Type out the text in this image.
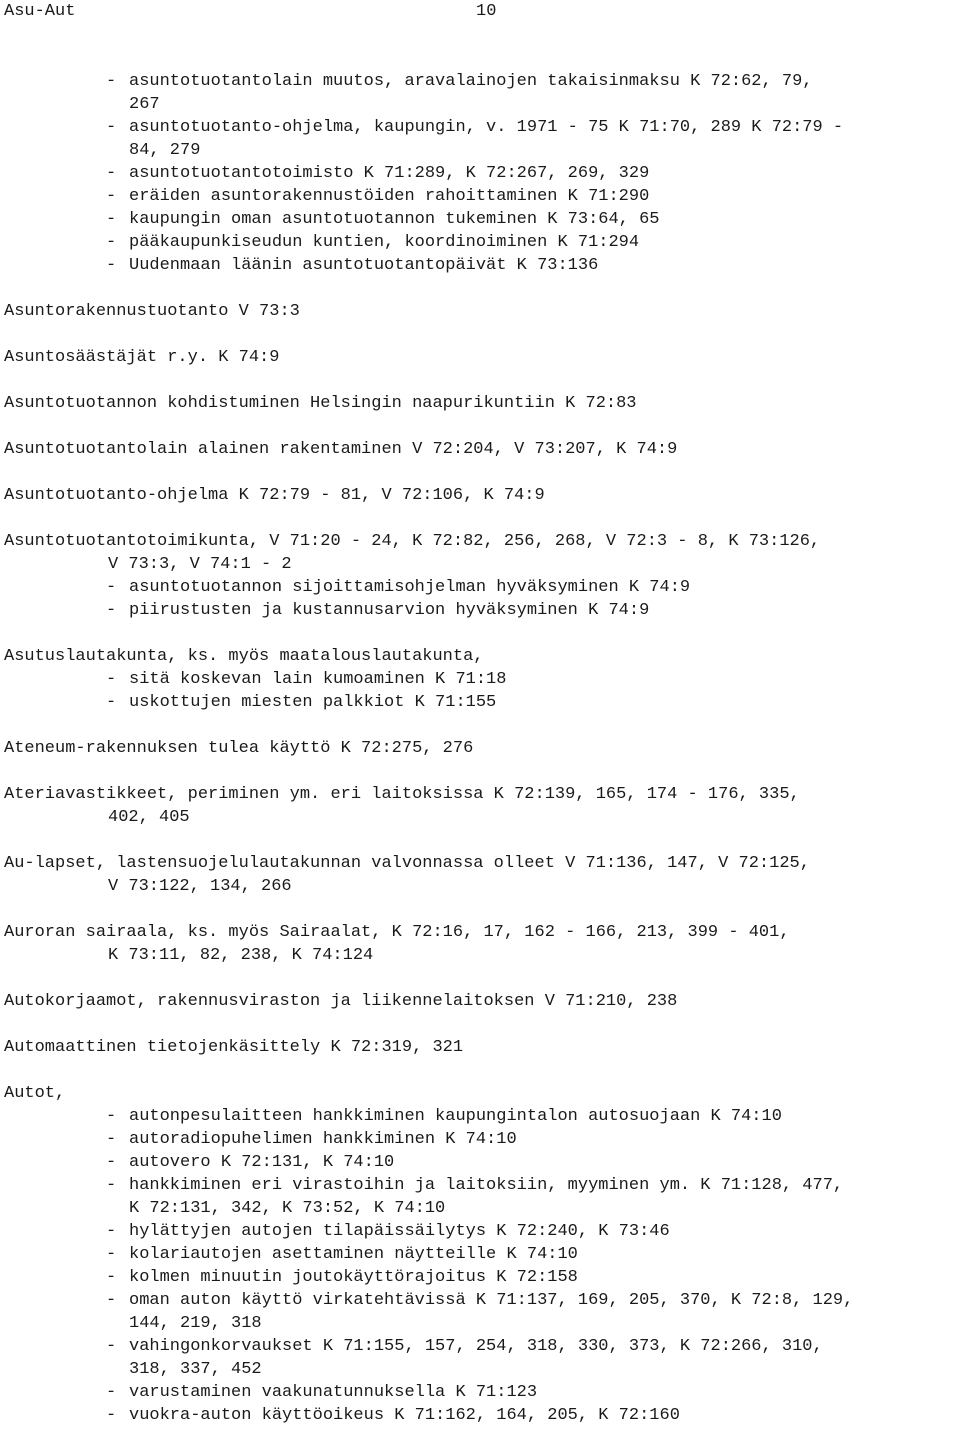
Asu-Aut	10
- asuntotuotantolain muutos, aravalainojen takaisinmaksu K 72:62, 79,
267
- asuntotuotanto-ohjelma, kaupungin, v. 1971 - 75 K 71:70, 289 K 72:79 -
84, 279
- asuntotuotantotoimisto K 71:289, K 72:267, 269, 329
- eräiden asuntorakennustöiden rahoittaminen K 71:290
- kaupungin oman asuntotuotannon tukeminen K 73:64, 65
- pääkaupunkiseudun kuntien, koordinoiminen K 71:294
- Uudenmaan läänin asuntotuotantopäivät K 73:136
Asuntorakennustuotanto V 73:3
Asuntosäästäjät r.y. K 74:9
Asuntotuotannon kohdistuminen Helsingin naapurikuntiin K 72:83
Asuntotuotantolain alainen rakentaminen V 72:204, V 73:207, K 74:9
Asuntotuotanto-ohjelma K 72:79 - 81, V 72:106, K 74:9
Asuntotuotantotoimikunta, V 71:20 - 24, K 72:82, 256, 268, V 72:3 - 8, K 73:126,
V 73:3, V 74:1 - 2
- asuntotuotannon sijoittamisohjelman hyväksyminen K 74:9
- piirustusten ja kustannusarvion hyväksyminen K 74:9
Asutuslautakunta, ks. myös maatalouslautakunta,
- sitä koskevan lain kumoaminen K 71:18
- uskottujen miesten palkkiot K 71:155
Ateneum-rakennuksen tulea käyttö K 72:275, 276
Ateriavastikkeet, periminen ym. eri laitoksissa K 72:139, 165, 174 - 176, 335,
402, 405
Au-lapset, lastensuojelulautakunnan valvonnassa olleet V 71:136, 147, V 72:125,
V 73:122, 134, 266
Auroran sairaala, ks. myös Sairaalat, K 72:16, 17, 162 - 166, 213, 399 - 401,
K 73:11, 82, 238, K 74:124
Autokorjaamot, rakennusviraston ja liikennelaitoksen V 71:210, 238
Automaattinen tietojenkäsittely K 72:319, 321
Autot,
- autonpesulaitteen hankkiminen kaupungintalon autosuojaan K 74:10
- autoradiopuhelimen hankkiminen K 74:10
- autovero K 72:131, K 74:10
- hankkiminen eri virastoihin ja laitoksiin, myyminen ym. K 71:128, 477,
K 72:131, 342, K 73:52, K 74:10
- hylättyjen autojen tilapäissäilytys K 72:240, K 73:46
- kolariautojen asettaminen näytteille K 74:10
- kolmen minuutin joutokäyttörajoitus K 72:158
- oman auton käyttö virkatehtävissä K 71:137, 169, 205, 370, K 72:8, 129,
144, 219, 318
- vahingonkorvaukset K 71:155, 157, 254, 318, 330, 373, K 72:266, 310,
318, 337, 452
- varustaminen vaakunatunnuksella K 71:123
- vuokra-auton käyttöoikeus K 71:162, 164, 205, K 72:160
